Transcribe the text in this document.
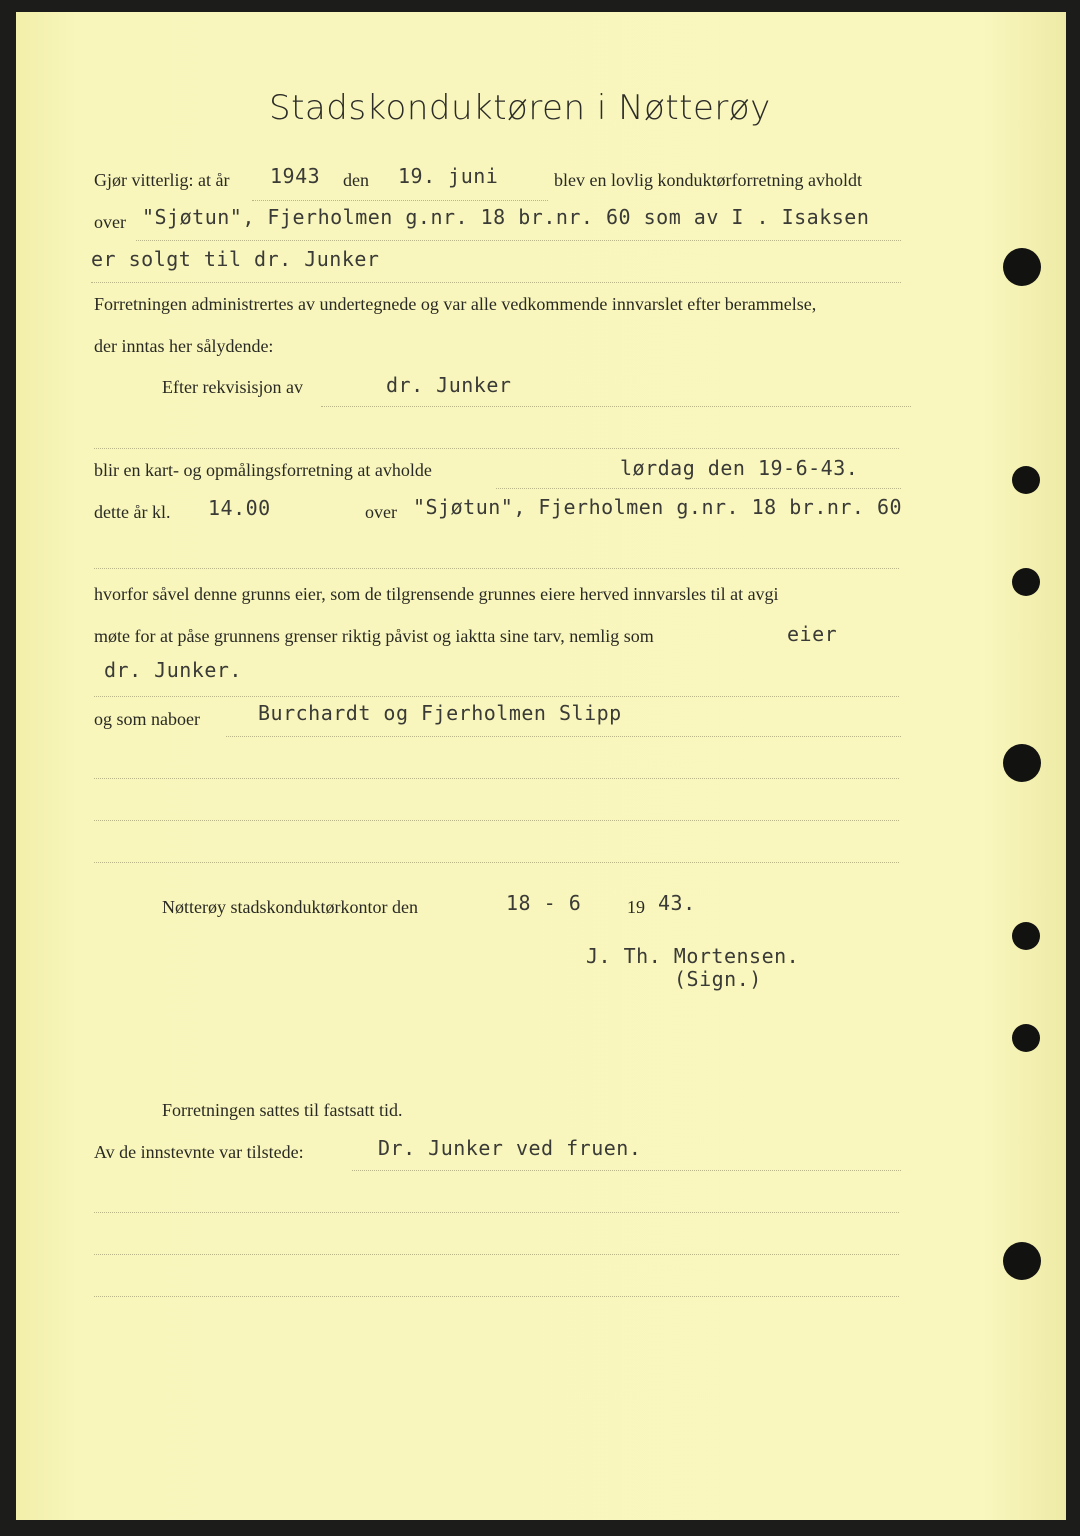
Stadskonduktøren i Nøtterøy
Gjør vitterlig: at år 1943 den 19. juni	blev en lovlig konduktørforretning avholdt
over "Sjøtun", Fjerholmen g.nr. 18 br.nr. 60 som av I . Isaksen
er solgt til dr. Junker
Forretningen administrertes av undertegnede og var alle vedkommende innvarslet efter berammelse,
der inntas her sålydende:
Efter rekvisisjon av	dr. Junker
blir en kart- og opmålingsforretning at avholde	lørdag den 19-6-43.
dette år kl. 14.00	over "Sjøtun", Fjerholmen g.nr. 18 br.nr. 60
hvorfor såvel denne grunns eier, som de tilgrensende grunnes eiere herved innvarsles til at avgi
møte for at påse grunnens grenser riktig påvist og iaktta sine tarv, nemlig som	eier
dr. Junker.
og som naboer	Burchardt og Fjerholmen Slipp
Nøtterøy stadskonduktørkontor den	18 - 6	19 43.
J. Th. Mortensen.
(Sign.)
Forretningen sattes til fastsatt tid.
Av de innstevnte var tilstede:	Dr. Junker ved fruen.
